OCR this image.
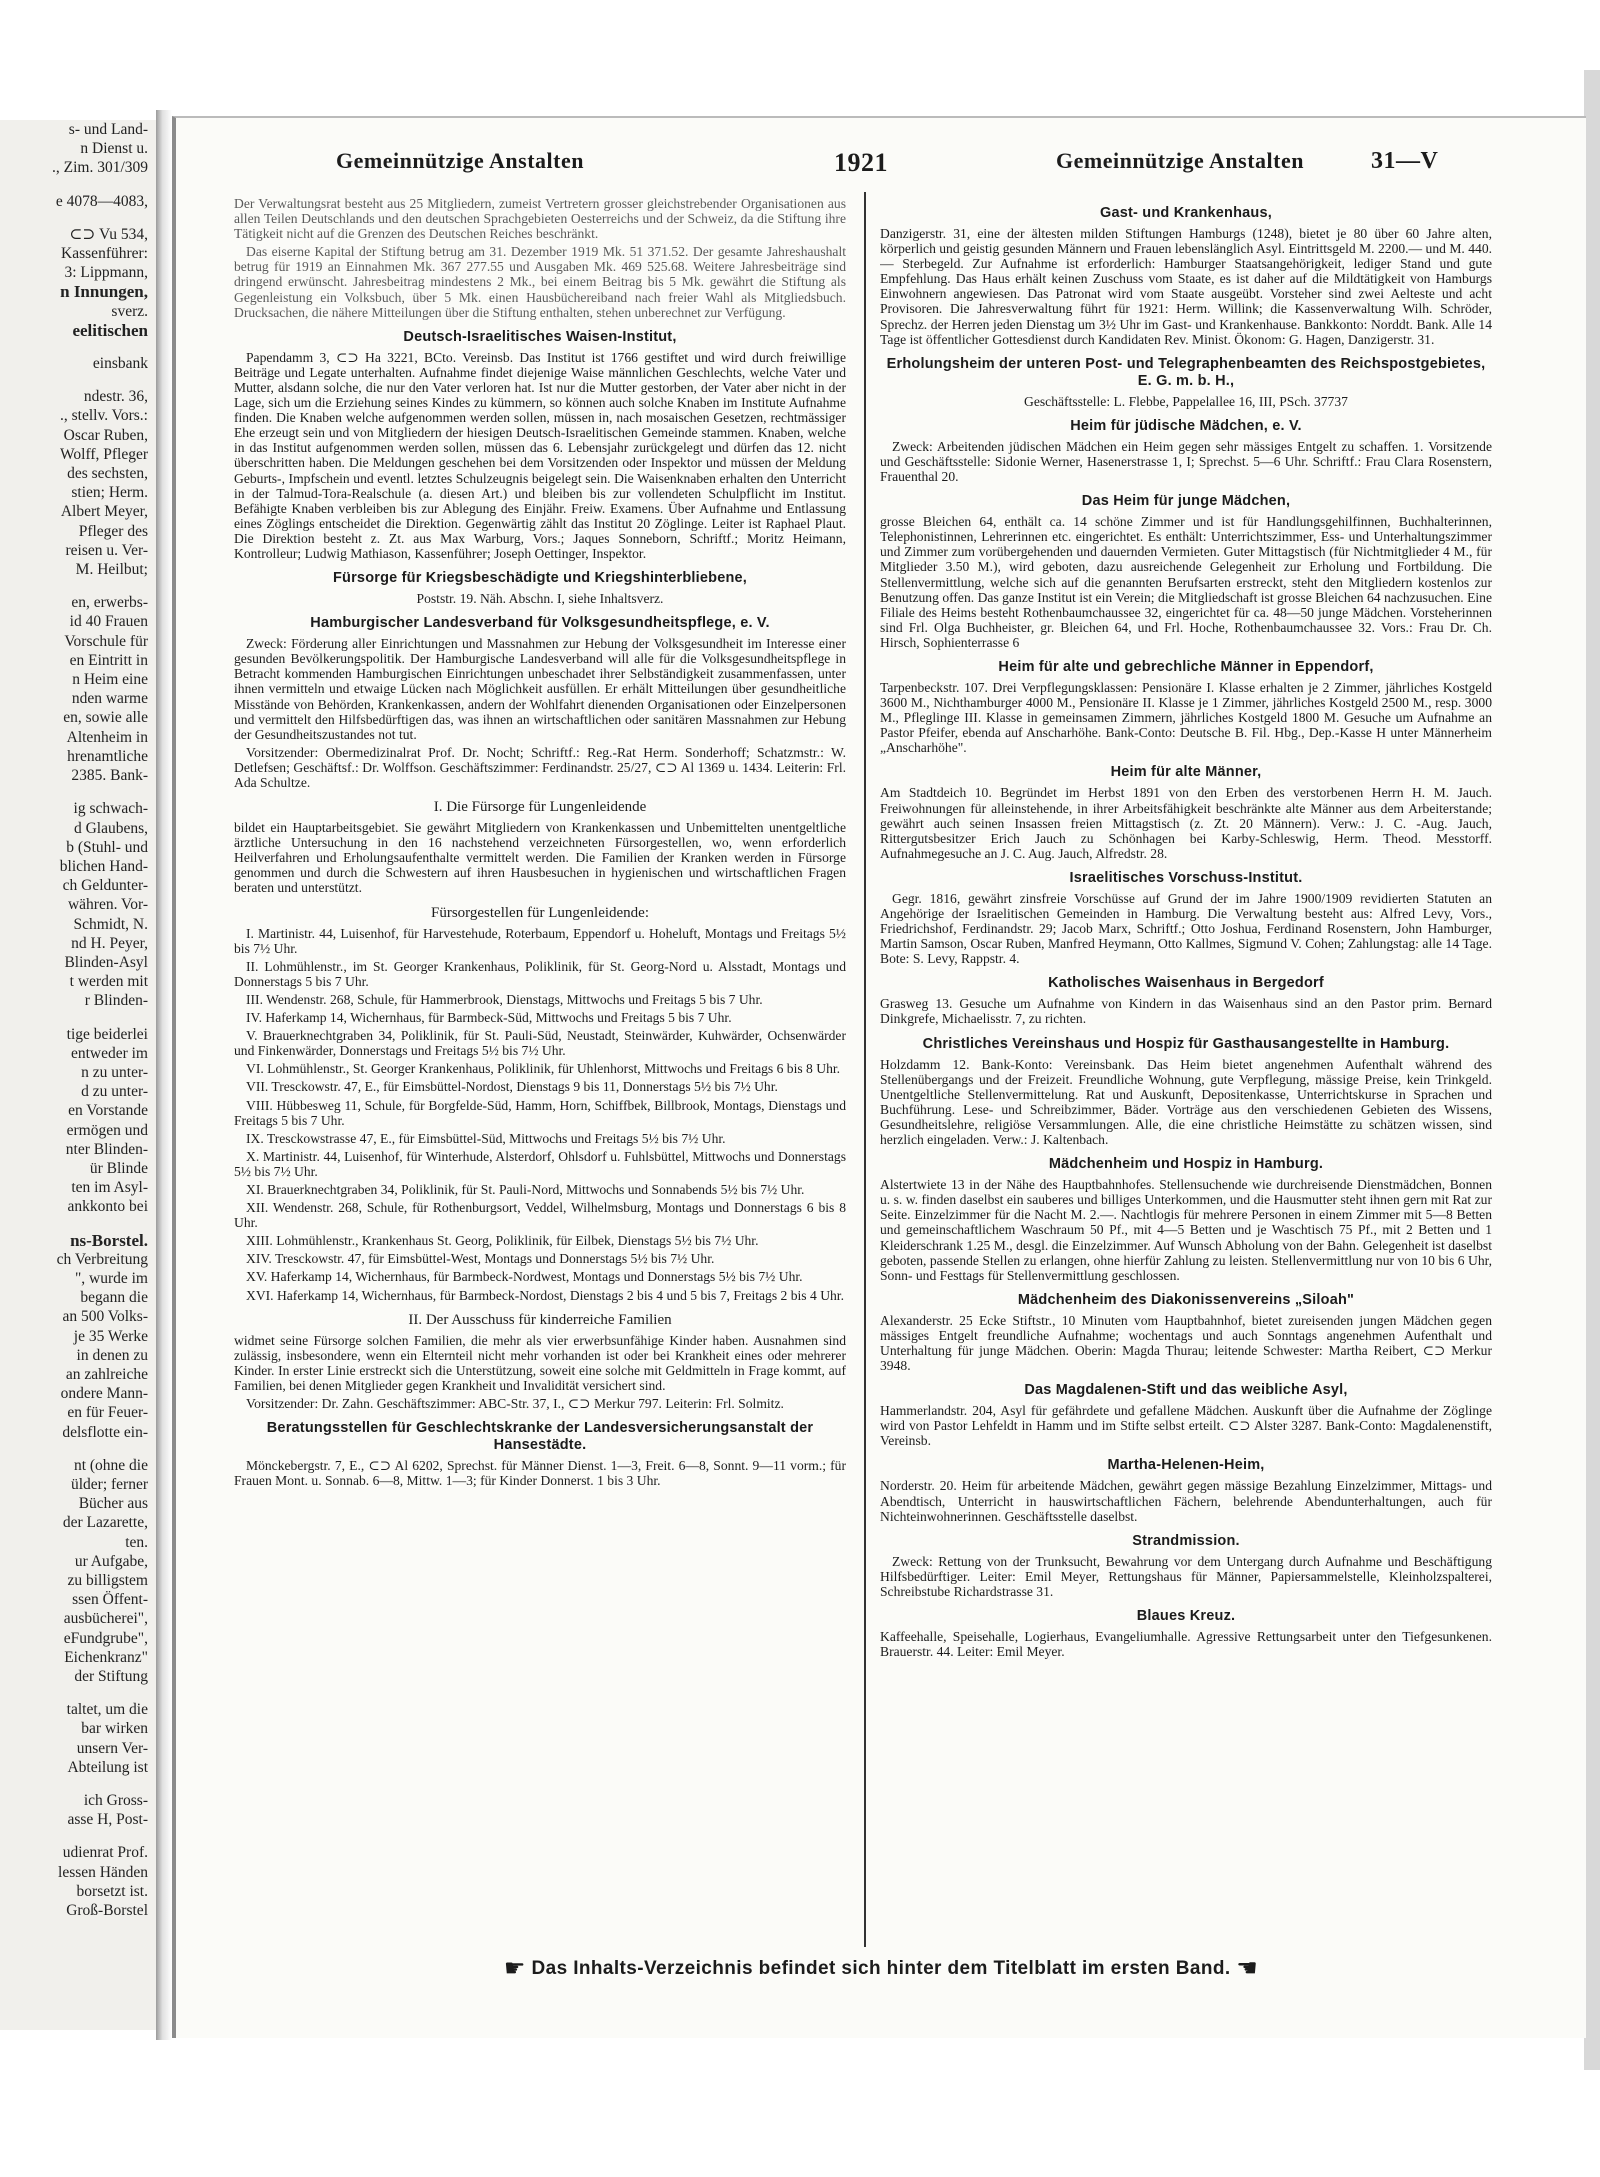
s- und Land-
n Dienst u.
., Zim. 301/309
e 4078—4083,
⊂⊃ Vu 534,
Kassenführer:
3: Lippmann,
n Innungen,
sverz.
eelitischen
einsbank
ndestr. 36,
., stellv. Vors.:
Oscar Ruben,
Wolff, Pfleger
des sechsten,
stien; Herm.
Albert Meyer,
Pfleger des
reisen u. Ver-
M. Heilbut;
en, erwerbs-
id 40 Frauen
Vorschule für
en Eintritt in
n Heim eine
nden warme
en, sowie alle
Altenheim in
hrenamtliche
2385. Bank-
ig schwach-
d Glaubens,
b (Stuhl- und
blichen Hand-
ch Geldunter-
währen. Vor-
Schmidt, N.
nd H. Peyer,
Blinden-Asyl
t werden mit
r Blinden-
tige beiderlei
entweder im
n zu unter-
d zu unter-
en Vorstande
ermögen und
nter Blinden-
ür Blinde
ten im Asyl-
ankkonto bei
ns-Borstel.
ch Verbreitung
", wurde im
begann die
an 500 Volks-
je 35 Werke
in denen zu
an zahlreiche
ondere Mann-
en für Feuer-
delsflotte ein-
nt (ohne die
ülder; ferner
Bücher aus
der Lazarette,
ten.
ur Aufgabe,
zu billigstem
ssen Öffent-
ausbücherei",
eFundgrube",
Eichenkranz"
der Stiftung
taltet, um die
bar wirken
unsern Ver-
Abteilung ist
ich Gross-
asse H, Post-
udienrat Prof.
lessen Händen
borsetzt ist.
Groß-Borstel
Gemeinnützige Anstalten	1921	Gemeinnützige Anstalten	31—V
Der Verwaltungsrat besteht aus 25 Mitgliedern, zumeist Vertretern grosser gleichstrebender Organisationen aus allen Teilen Deutschlands und den deutschen Sprachgebieten Oesterreichs und der Schweiz, da die Stiftung ihre Tätigkeit nicht auf die Grenzen des Deutschen Reiches beschränkt.
Das eiserne Kapital der Stiftung betrug am 31. Dezember 1919 Mk. 51 371.52. Der gesamte Jahreshaushalt betrug für 1919 an Einnahmen Mk. 367 277.55 und Ausgaben Mk. 469 525.68. Weitere Jahresbeiträge sind dringend erwünscht. Jahresbeitrag mindestens 2 Mk., bei einem Beitrag bis 5 Mk. gewährt die Stiftung als Gegenleistung ein Volksbuch, über 5 Mk. einen Hausbüchereiband nach freier Wahl als Mitgliedsbuch. Drucksachen, die nähere Mitteilungen über die Stiftung enthalten, stehen unberechnet zur Verfügung.
Deutsch-Israelitisches Waisen-Institut,
Papendamm 3, ⊂⊃ Ha 3221, BCto. Vereinsb. Das Institut ist 1766 gestiftet und wird durch freiwillige Beiträge und Legate unterhalten. Aufnahme findet diejenige Waise männlichen Geschlechts, welche Vater und Mutter, alsdann solche, die nur den Vater verloren hat. Ist nur die Mutter gestorben, der Vater aber nicht in der Lage, sich um die Erziehung seines Kindes zu kümmern, so können auch solche Knaben im Institute Aufnahme finden. Die Knaben welche aufgenommen werden sollen, müssen in, nach mosaischen Gesetzen, rechtmässiger Ehe erzeugt sein und von Mitgliedern der hiesigen Deutsch-Israelitischen Gemeinde stammen. Knaben, welche in das Institut aufgenommen werden sollen, müssen das 6. Lebensjahr zurückgelegt und dürfen das 12. nicht überschritten haben. Die Meldungen geschehen bei dem Vorsitzenden oder Inspektor und müssen der Meldung Geburts-, Impfschein und eventl. letztes Schulzeugnis beigelegt sein. Die Waisenknaben erhalten den Unterricht in der Talmud-Tora-Realschule (a. diesen Art.) und bleiben bis zur vollendeten Schulpflicht im Institut. Befähigte Knaben verbleiben bis zur Ablegung des Einjähr. Freiw. Examens. Über Aufnahme und Entlassung eines Zöglings entscheidet die Direktion. Gegenwärtig zählt das Institut 20 Zöglinge. Leiter ist Raphael Plaut. Die Direktion besteht z. Zt. aus Max Warburg, Vors.; Jaques Sonneborn, Schriftf.; Moritz Heimann, Kontrolleur; Ludwig Mathiason, Kassenführer; Joseph Oettinger, Inspektor.
Fürsorge für Kriegsbeschädigte und Kriegshinterbliebene,
Poststr. 19. Näh. Abschn. I, siehe Inhaltsverz.
Hamburgischer Landesverband für Volksgesundheitspflege, e. V.
Zweck: Förderung aller Einrichtungen und Massnahmen zur Hebung der Volksgesundheit im Interesse einer gesunden Bevölkerungspolitik. Der Hamburgische Landesverband will alle für die Volksgesundheitspflege in Betracht kommenden Hamburgischen Einrichtungen unbeschadet ihrer Selbständigkeit zusammenfassen, unter ihnen vermitteln und etwaige Lücken nach Möglichkeit ausfüllen. Er erhält Mitteilungen über gesundheitliche Misstände von Behörden, Krankenkassen, andern der Wohlfahrt dienenden Organisationen oder Einzelpersonen und vermittelt den Hilfsbedürftigen das, was ihnen an wirtschaftlichen oder sanitären Massnahmen zur Hebung der Gesundheitszustandes not tut.
Vorsitzender: Obermedizinalrat Prof. Dr. Nocht; Schriftf.: Reg.-Rat Herm. Sonderhoff; Schatzmstr.: W. Detlefsen; Geschäftsf.: Dr. Wolffson. Geschäftszimmer: Ferdinandstr. 25/27, ⊂⊃ Al 1369 u. 1434. Leiterin: Frl. Ada Schultze.
I. Die Fürsorge für Lungenleidende
bildet ein Hauptarbeitsgebiet. Sie gewährt Mitgliedern von Krankenkassen und Unbemittelten unentgeltliche ärztliche Untersuchung in den 16 nachstehend verzeichneten Fürsorgestellen, wo, wenn erforderlich Heilverfahren und Erholungsaufenthalte vermittelt werden. Die Familien der Kranken werden in Fürsorge genommen und durch die Schwestern auf ihren Hausbesuchen in hygienischen und wirtschaftlichen Fragen beraten und unterstützt.
Fürsorgestellen für Lungenleidende:
I. Martinistr. 44, Luisenhof, für Harvestehude, Roterbaum, Eppendorf u. Hoheluft, Montags und Freitags 5½ bis 7½ Uhr.
II. Lohmühlenstr., im St. Georger Krankenhaus, Poliklinik, für St. Georg-Nord u. Alsstadt, Montags und Donnerstags 5 bis 7 Uhr.
III. Wendenstr. 268, Schule, für Hammerbrook, Dienstags, Mittwochs und Freitags 5 bis 7 Uhr.
IV. Haferkamp 14, Wichernhaus, für Barmbeck-Süd, Mittwochs und Freitags 5 bis 7 Uhr.
V. Brauerknechtgraben 34, Poliklinik, für St. Pauli-Süd, Neustadt, Steinwärder, Kuhwärder, Ochsenwärder und Finkenwärder, Donnerstags und Freitags 5½ bis 7½ Uhr.
VI. Lohmühlenstr., St. Georger Krankenhaus, Poliklinik, für Uhlenhorst, Mittwochs und Freitags 6 bis 8 Uhr.
VII. Tresckowstr. 47, E., für Eimsbüttel-Nordost, Dienstags 9 bis 11, Donnerstags 5½ bis 7½ Uhr.
VIII. Hübbesweg 11, Schule, für Borgfelde-Süd, Hamm, Horn, Schiffbek, Billbrook, Montags, Dienstags und Freitags 5 bis 7 Uhr.
IX. Tresckowstrasse 47, E., für Eimsbüttel-Süd, Mittwochs und Freitags 5½ bis 7½ Uhr.
X. Martinistr. 44, Luisenhof, für Winterhude, Alsterdorf, Ohlsdorf u. Fuhlsbüttel, Mittwochs und Donnerstags 5½ bis 7½ Uhr.
XI. Brauerknechtgraben 34, Poliklinik, für St. Pauli-Nord, Mittwochs und Sonnabends 5½ bis 7½ Uhr.
XII. Wendenstr. 268, Schule, für Rothenburgsort, Veddel, Wilhelmsburg, Montags und Donnerstags 6 bis 8 Uhr.
XIII. Lohmühlenstr., Krankenhaus St. Georg, Poliklinik, für Eilbek, Dienstags 5½ bis 7½ Uhr.
XIV. Tresckowstr. 47, für Eimsbüttel-West, Montags und Donnerstags 5½ bis 7½ Uhr.
XV. Haferkamp 14, Wichernhaus, für Barmbeck-Nordwest, Montags und Donnerstags 5½ bis 7½ Uhr.
XVI. Haferkamp 14, Wichernhaus, für Barmbeck-Nordost, Dienstags 2 bis 4 und 5 bis 7, Freitags 2 bis 4 Uhr.
II. Der Ausschuss für kinderreiche Familien
widmet seine Fürsorge solchen Familien, die mehr als vier erwerbsunfähige Kinder haben. Ausnahmen sind zulässig, insbesondere, wenn ein Elternteil nicht mehr vorhanden ist oder bei Krankheit eines oder mehrerer Kinder. In erster Linie erstreckt sich die Unterstützung, soweit eine solche mit Geldmitteln in Frage kommt, auf Familien, bei denen Mitglieder gegen Krankheit und Invalidität versichert sind.
Vorsitzender: Dr. Zahn. Geschäftszimmer: ABC-Str. 37, I., ⊂⊃ Merkur 797. Leiterin: Frl. Solmitz.
Beratungsstellen für Geschlechtskranke der Landesversicherungsanstalt der Hansestädte.
Mönckebergstr. 7, E., ⊂⊃ Al 6202, Sprechst. für Männer Dienst. 1—3, Freit. 6—8, Sonnt. 9—11 vorm.; für Frauen Mont. u. Sonnab. 6—8, Mittw. 1—3; für Kinder Donnerst. 1 bis 3 Uhr.
Gast- und Krankenhaus,
Danzigerstr. 31, eine der ältesten milden Stiftungen Hamburgs (1248), bietet je 80 über 60 Jahre alten, körperlich und geistig gesunden Männern und Frauen lebenslänglich Asyl. Eintrittsgeld M. 2200.— und M. 440.— Sterbegeld. Zur Aufnahme ist erforderlich: Hamburger Staatsangehörigkeit, lediger Stand und gute Empfehlung. Das Haus erhält keinen Zuschuss vom Staate, es ist daher auf die Mildtätigkeit von Hamburgs Einwohnern angewiesen. Das Patronat wird vom Staate ausgeübt. Vorsteher sind zwei Aelteste und acht Provisoren. Die Jahresverwaltung führt für 1921: Herm. Willink; die Kassenverwaltung Wilh. Schröder, Sprechz. der Herren jeden Dienstag um 3½ Uhr im Gast- und Krankenhause. Bankkonto: Norddt. Bank. Alle 14 Tage ist öffentlicher Gottesdienst durch Kandidaten Rev. Minist. Ökonom: G. Hagen, Danzigerstr. 31.
Erholungsheim der unteren Post- und Telegraphenbeamten des Reichspostgebietes, E. G. m. b. H.,
Geschäftsstelle: L. Flebbe, Pappelallee 16, III, PSch. 37737
Heim für jüdische Mädchen, e. V.
Zweck: Arbeitenden jüdischen Mädchen ein Heim gegen sehr mässiges Entgelt zu schaffen. 1. Vorsitzende und Geschäftsstelle: Sidonie Werner, Hasenerstrasse 1, I; Sprechst. 5—6 Uhr. Schriftf.: Frau Clara Rosenstern, Frauenthal 20.
Das Heim für junge Mädchen,
grosse Bleichen 64, enthält ca. 14 schöne Zimmer und ist für Handlungsgehilfinnen, Buchhalterinnen, Telephonistinnen, Lehrerinnen etc. eingerichtet. Es enthält: Unterrichtszimmer, Ess- und Unterhaltungszimmer und Zimmer zum vorübergehenden und dauernden Vermieten. Guter Mittagstisch (für Nichtmitglieder 4 M., für Mitglieder 3.50 M.), wird geboten, dazu ausreichende Gelegenheit zur Erholung und Fortbildung. Die Stellenvermittlung, welche sich auf die genannten Berufsarten erstreckt, steht den Mitgliedern kostenlos zur Benutzung offen. Das ganze Institut ist ein Verein; die Mitgliedschaft ist grosse Bleichen 64 nachzusuchen. Eine Filiale des Heims besteht Rothenbaumchaussee 32, eingerichtet für ca. 48—50 junge Mädchen. Vorsteherinnen sind Frl. Olga Buchheister, gr. Bleichen 64, und Frl. Hoche, Rothenbaumchaussee 32. Vors.: Frau Dr. Ch. Hirsch, Sophienterrasse 6
Heim für alte und gebrechliche Männer in Eppendorf,
Tarpenbeckstr. 107. Drei Verpflegungsklassen: Pensionäre I. Klasse erhalten je 2 Zimmer, jährliches Kostgeld 3600 M., Nichthamburger 4000 M., Pensionäre II. Klasse je 1 Zimmer, jährliches Kostgeld 2500 M., resp. 3000 M., Pfleglinge III. Klasse in gemeinsamen Zimmern, jährliches Kostgeld 1800 M. Gesuche um Aufnahme an Pastor Pfeifer, ebenda auf Anscharhöhe. Bank-Conto: Deutsche B. Fil. Hbg., Dep.-Kasse H unter Männerheim „Anscharhöhe".
Heim für alte Männer,
Am Stadtdeich 10. Begründet im Herbst 1891 von den Erben des verstorbenen Herrn H. M. Jauch. Freiwohnungen für alleinstehende, in ihrer Arbeitsfähigkeit beschränkte alte Männer aus dem Arbeiterstande; gewährt auch seinen Insassen freien Mittagstisch (z. Zt. 20 Männern). Verw.: J. C. -Aug. Jauch, Rittergutsbesitzer Erich Jauch zu Schönhagen bei Karby-Schleswig, Herm. Theod. Messtorff. Aufnahmegesuche an J. C. Aug. Jauch, Alfredstr. 28.
Israelitisches Vorschuss-Institut.
Gegr. 1816, gewährt zinsfreie Vorschüsse auf Grund der im Jahre 1900/1909 revidierten Statuten an Angehörige der Israelitischen Gemeinden in Hamburg. Die Verwaltung besteht aus: Alfred Levy, Vors., Friedrichshof, Ferdinandstr. 29; Jacob Marx, Schriftf.; Otto Joshua, Ferdinand Rosenstern, John Hamburger, Martin Samson, Oscar Ruben, Manfred Heymann, Otto Kallmes, Sigmund V. Cohen; Zahlungstag: alle 14 Tage. Bote: S. Levy, Rappstr. 4.
Katholisches Waisenhaus in Bergedorf
Grasweg 13. Gesuche um Aufnahme von Kindern in das Waisenhaus sind an den Pastor prim. Bernard Dinkgrefe, Michaelisstr. 7, zu richten.
Christliches Vereinshaus und Hospiz für Gasthausangestellte in Hamburg.
Holzdamm 12. Bank-Konto: Vereinsbank. Das Heim bietet angenehmen Aufenthalt während des Stellenübergangs und der Freizeit. Freundliche Wohnung, gute Verpflegung, mässige Preise, kein Trinkgeld. Unentgeltliche Stellenvermittelung. Rat und Auskunft, Depositenkasse, Unterrichtskurse in Sprachen und Buchführung. Lese- und Schreibzimmer, Bäder. Vorträge aus den verschiedenen Gebieten des Wissens, Gesundheitslehre, religiöse Versammlungen. Alle, die eine christliche Heimstätte zu schätzen wissen, sind herzlich eingeladen. Verw.: J. Kaltenbach.
Mädchenheim und Hospiz in Hamburg.
Alstertwiete 13 in der Nähe des Hauptbahnhofes. Stellensuchende wie durchreisende Dienstmädchen, Bonnen u. s. w. finden daselbst ein sauberes und billiges Unterkommen, und die Hausmutter steht ihnen gern mit Rat zur Seite. Einzelzimmer für die Nacht M. 2.—. Nachtlogis für mehrere Personen in einem Zimmer mit 5—8 Betten und gemeinschaftlichem Waschraum 50 Pf., mit 4—5 Betten und je Waschtisch 75 Pf., mit 2 Betten und 1 Kleiderschrank 1.25 M., desgl. die Einzelzimmer. Auf Wunsch Abholung von der Bahn. Gelegenheit ist daselbst geboten, passende Stellen zu erlangen, ohne hierfür Zahlung zu leisten. Stellenvermittlung nur von 10 bis 6 Uhr, Sonn- und Festtags für Stellenvermittlung geschlossen.
Mädchenheim des Diakonissenvereins „Siloah"
Alexanderstr. 25 Ecke Stiftstr., 10 Minuten vom Hauptbahnhof, bietet zureisenden jungen Mädchen gegen mässiges Entgelt freundliche Aufnahme; wochentags und auch Sonntags angenehmen Aufenthalt und Unterhaltung für junge Mädchen. Oberin: Magda Thurau; leitende Schwester: Martha Reibert, ⊂⊃ Merkur 3948.
Das Magdalenen-Stift und das weibliche Asyl,
Hammerlandstr. 204, Asyl für gefährdete und gefallene Mädchen. Auskunft über die Aufnahme der Zöglinge wird von Pastor Lehfeldt in Hamm und im Stifte selbst erteilt. ⊂⊃ Alster 3287. Bank-Conto: Magdalenenstift, Vereinsb.
Martha-Helenen-Heim,
Norderstr. 20. Heim für arbeitende Mädchen, gewährt gegen mässige Bezahlung Einzelzimmer, Mittags- und Abendtisch, Unterricht in hauswirtschaftlichen Fächern, belehrende Abendunterhaltungen, auch für Nichteinwohnerinnen. Geschäftsstelle daselbst.
Strandmission.
Zweck: Rettung von der Trunksucht, Bewahrung vor dem Untergang durch Aufnahme und Beschäftigung Hilfsbedürftiger. Leiter: Emil Meyer, Rettungshaus für Männer, Papiersammelstelle, Kleinholzspalterei, Schreibstube Richardstrasse 31.
Blaues Kreuz.
Kaffeehalle, Speisehalle, Logierhaus, Evangeliumhalle. Agressive Rettungsarbeit unter den Tiefgesunkenen. Brauerstr. 44. Leiter: Emil Meyer.
☛ Das Inhalts-Verzeichnis befindet sich hinter dem Titelblatt im ersten Band. ☚
